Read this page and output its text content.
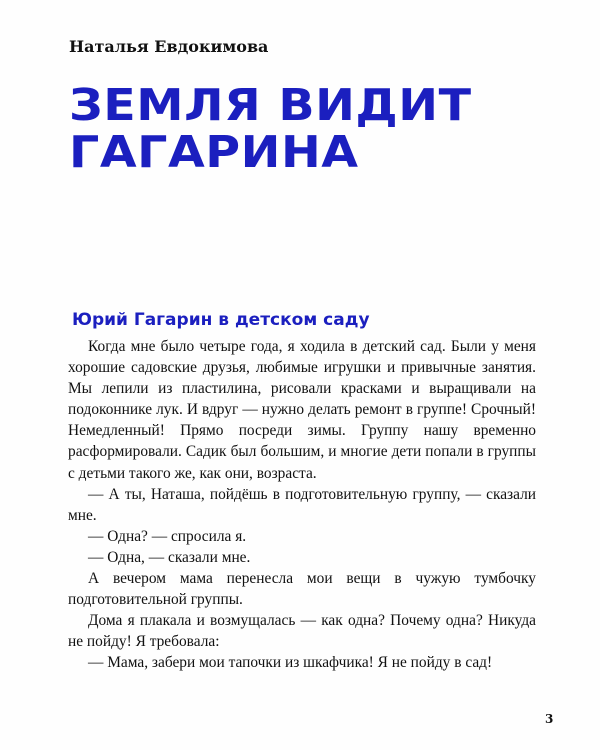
Наталья Евдокимова
ЗЕМЛЯ ВИДИТ
ГАГАРИНА
Юрий Гагарин в детском саду

Когда мне было четыре года, я ходила в детский сад. Были у меня хорошие садовские друзья, любимые игрушки и привычные занятия. Мы лепили из пластилина, рисовали красками и выращивали на подоконнике лук. И вдруг — нужно делать ремонт в группе! Срочный! Немедленный! Прямо посреди зимы. Группу нашу временно расформировали. Садик был большим, и многие дети попали в группы с детьми такого же, как они, возраста.

— А ты, Наташа, пойдёшь в подготовительную группу, — сказали мне.

— Одна? — спросила я.

— Одна, — сказали мне.

А вечером мама перенесла мои вещи в чужую тумбочку подготовительной группы.

Дома я плакала и возмущалась — как одна? Почему одна? Никуда не пойду! Я требовала:

— Мама, забери мои тапочки из шкафчика! Я не пойду в сад!

3
